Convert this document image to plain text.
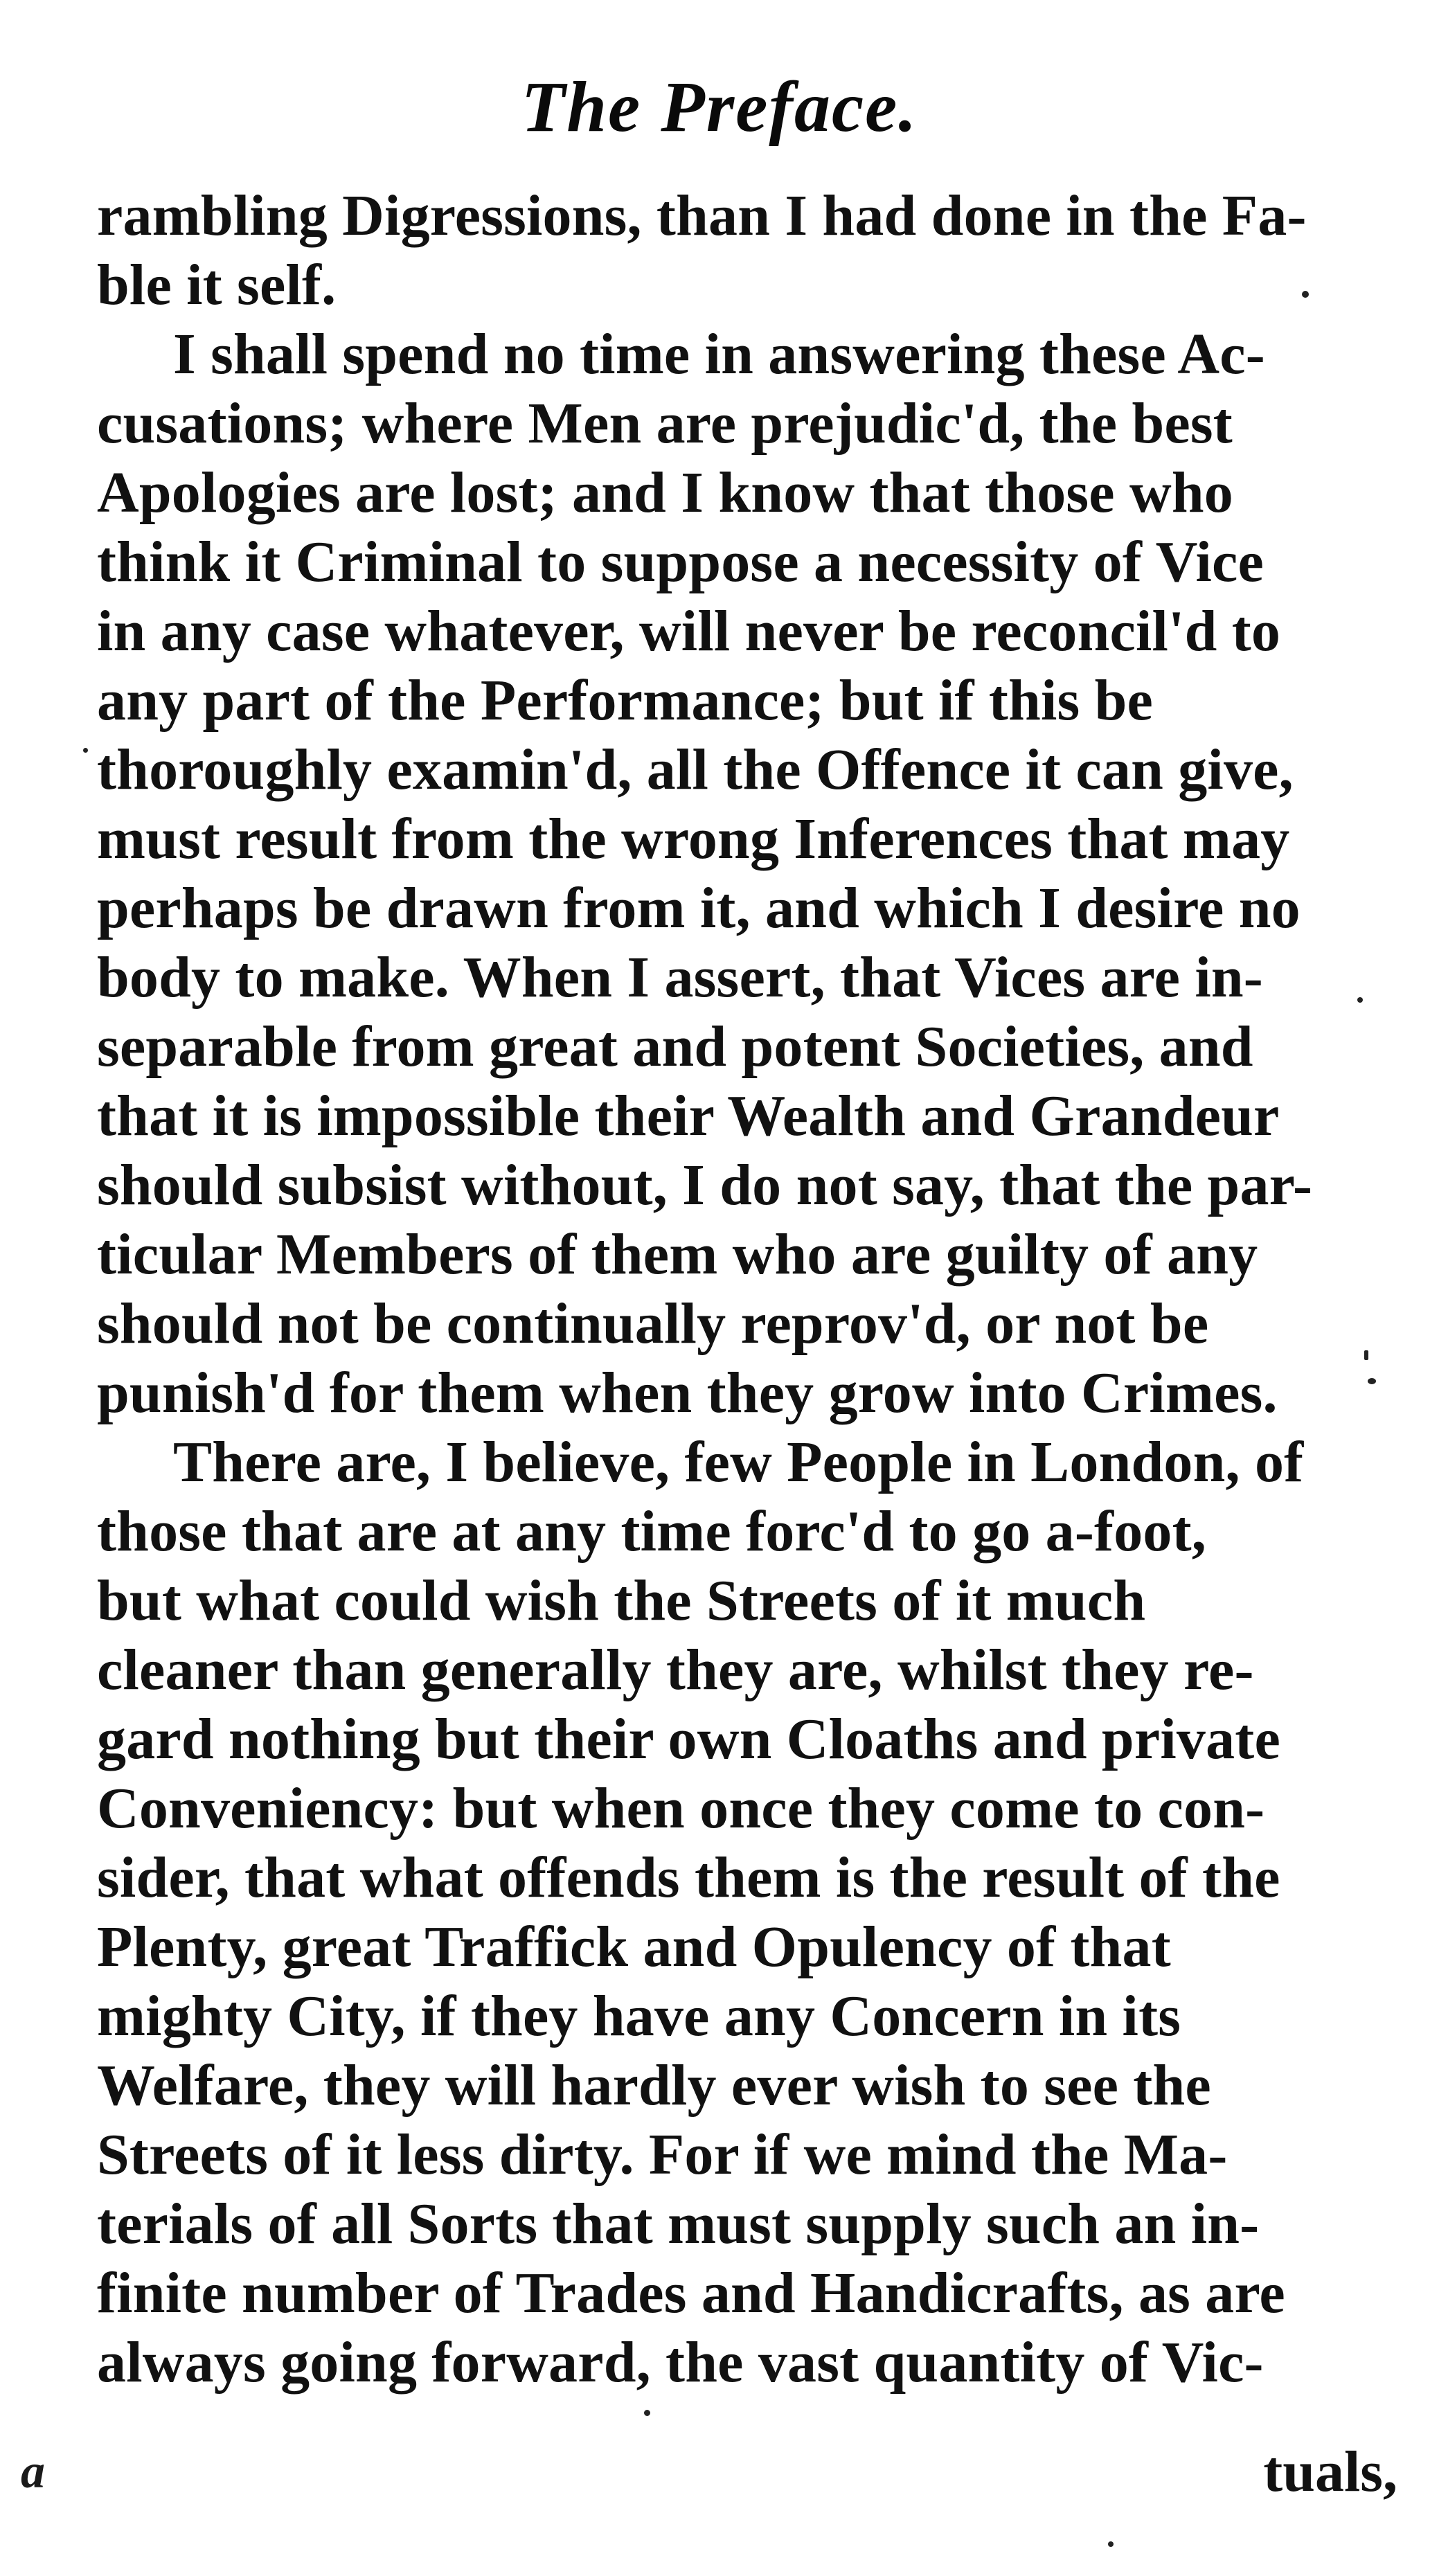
The Preface.
rambling Digressions, than I had done in the Fa-
ble it self.
I shall spend no time in answering these Ac-
cusations; where Men are prejudic'd, the best
Apologies are lost; and I know that those who
think it Criminal to suppose a necessity of Vice
in any case whatever, will never be reconcil'd to
any part of the Performance; but if this be
thoroughly examin'd, all the Offence it can give,
must result from the wrong Inferences that may
perhaps be drawn from it, and which I desire no
body to make. When I assert, that Vices are in-
separable from great and potent Societies, and
that it is impossible their Wealth and Grandeur
should subsist without, I do not say, that the par-
ticular Members of them who are guilty of any
should not be continually reprov'd, or not be
punish'd for them when they grow into Crimes.
There are, I believe, few People in London, of
those that are at any time forc'd to go a-foot,
but what could wish the Streets of it much
cleaner than generally they are, whilst they re-
gard nothing but their own Cloaths and private
Conveniency: but when once they come to con-
sider, that what offends them is the result of the
Plenty, great Traffick and Opulency of that
mighty City, if they have any Concern in its
Welfare, they will hardly ever wish to see the
Streets of it less dirty. For if we mind the Ma-
terials of all Sorts that must supply such an in-
finite number of Trades and Handicrafts, as are
always going forward, the vast quantity of Vic-
a	tuals,
